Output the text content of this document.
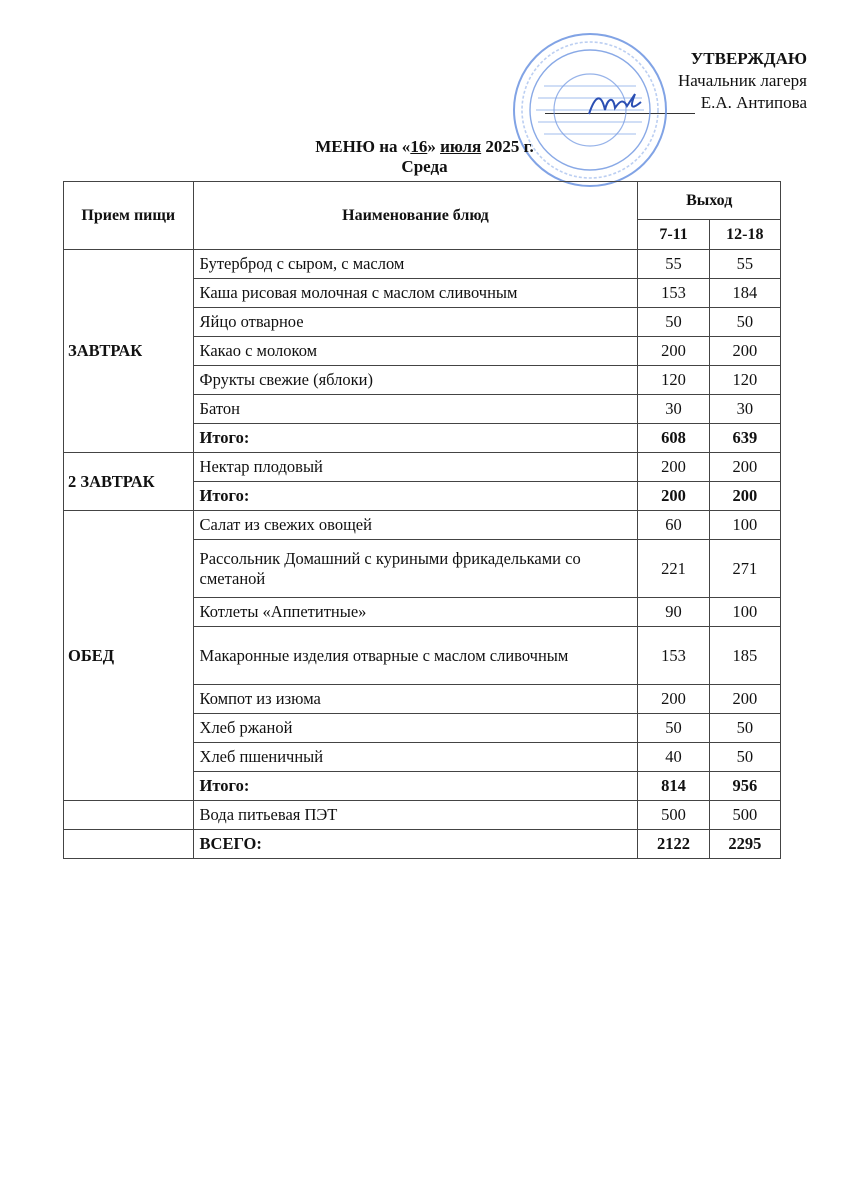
УТВЕРЖДАЮ
Начальник лагеря
Е.А. Антипова
МЕНЮ на «16» июля 2025 г.
Среда
Прием пищи	Наименование блюд	Выход	
		7-11	12-18
ЗАВТРАК	Бутерброд с сыром, с маслом	55	55
	Каша рисовая молочная с маслом сливочным	153	184
	Яйцо отварное	50	50
	Какао с молоком	200	200
	Фрукты свежие (яблоки)	120	120
	Батон	30	30
	Итого:	608	639
2 ЗАВТРАК	Нектар плодовый	200	200
	Итого:	200	200
ОБЕД	Салат из свежих овощей	60	100
	Рассольник Домашний с куриными фрикадельками со сметаной	221	271
	Котлеты «Аппетитные»	90	100
	Макаронные изделия отварные с маслом сливочным	153	185
	Компот из изюма	200	200
	Хлеб ржаной	50	50
	Хлеб пшеничный	40	50
	Итого:	814	956
	Вода питьевая ПЭТ	500	500
	ВСЕГО:	2122	2295
